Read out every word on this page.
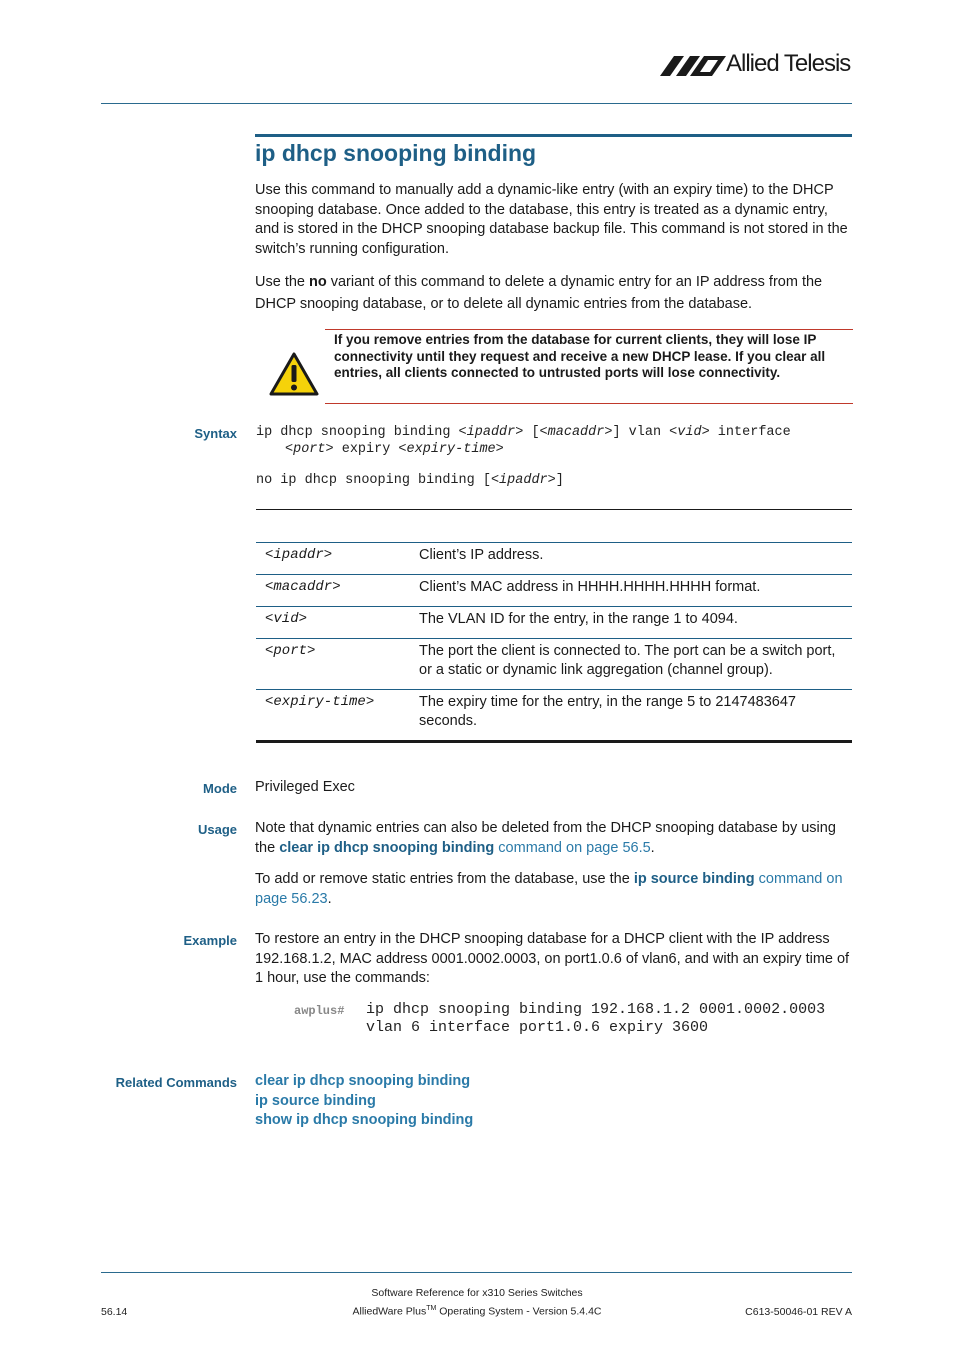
Allied Telesis
ip dhcp snooping binding

Use this command to manually add a dynamic-like entry (with an expiry time) to the DHCP snooping database. Once added to the database, this entry is treated as a dynamic entry, and is stored in the DHCP snooping database backup file. This command is not stored in the switch’s running configuration.

Use the no variant of this command to delete a dynamic entry for an IP address from the DHCP snooping database, or to delete all dynamic entries from the database.

If you remove entries from the database for current clients, they will lose IP connectivity until they request and receive a new DHCP lease. If you clear all entries, all clients connected to untrusted ports will lose connectivity.
Syntax ip dhcp snooping binding <ipaddr> [<macaddr>] vlan <vid> interface
<port> expiry <expiry-time>
no ip dhcp snooping binding [<ipaddr>]
<ipaddr>	Client’s IP address.
<macaddr>	Client’s MAC address in HHHH.HHHH.HHHH format.
<vid>	The VLAN ID for the entry, in the range 1 to 4094.
<port>	The port the client is connected to. The port can be a switch port, or a static or dynamic link aggregation (channel group).
<expiry-time>	The expiry time for the entry, in the range 5 to 2147483647 seconds.
Mode Privileged Exec

Usage Note that dynamic entries can also be deleted from the DHCP snooping database by using the clear ip dhcp snooping binding command on page 56.5.

To add or remove static entries from the database, use the ip source binding command on page 56.23.

Example To restore an entry in the DHCP snooping database for a DHCP client with the IP address 192.168.1.2, MAC address 0001.0002.0003, on port1.0.6 of vlan6, and with an expiry time of 1 hour, use the commands:

awplus# ip dhcp snooping binding 192.168.1.2 0001.0002.0003
vlan 6 interface port1.0.6 expiry 3600
Related Commands clear ip dhcp snooping binding
ip source binding
show ip dhcp snooping binding
Software Reference for x310 Series Switches
AlliedWare Plus™ Operating System - Version 5.4.4C
56.14	C613-50046-01 REV A
